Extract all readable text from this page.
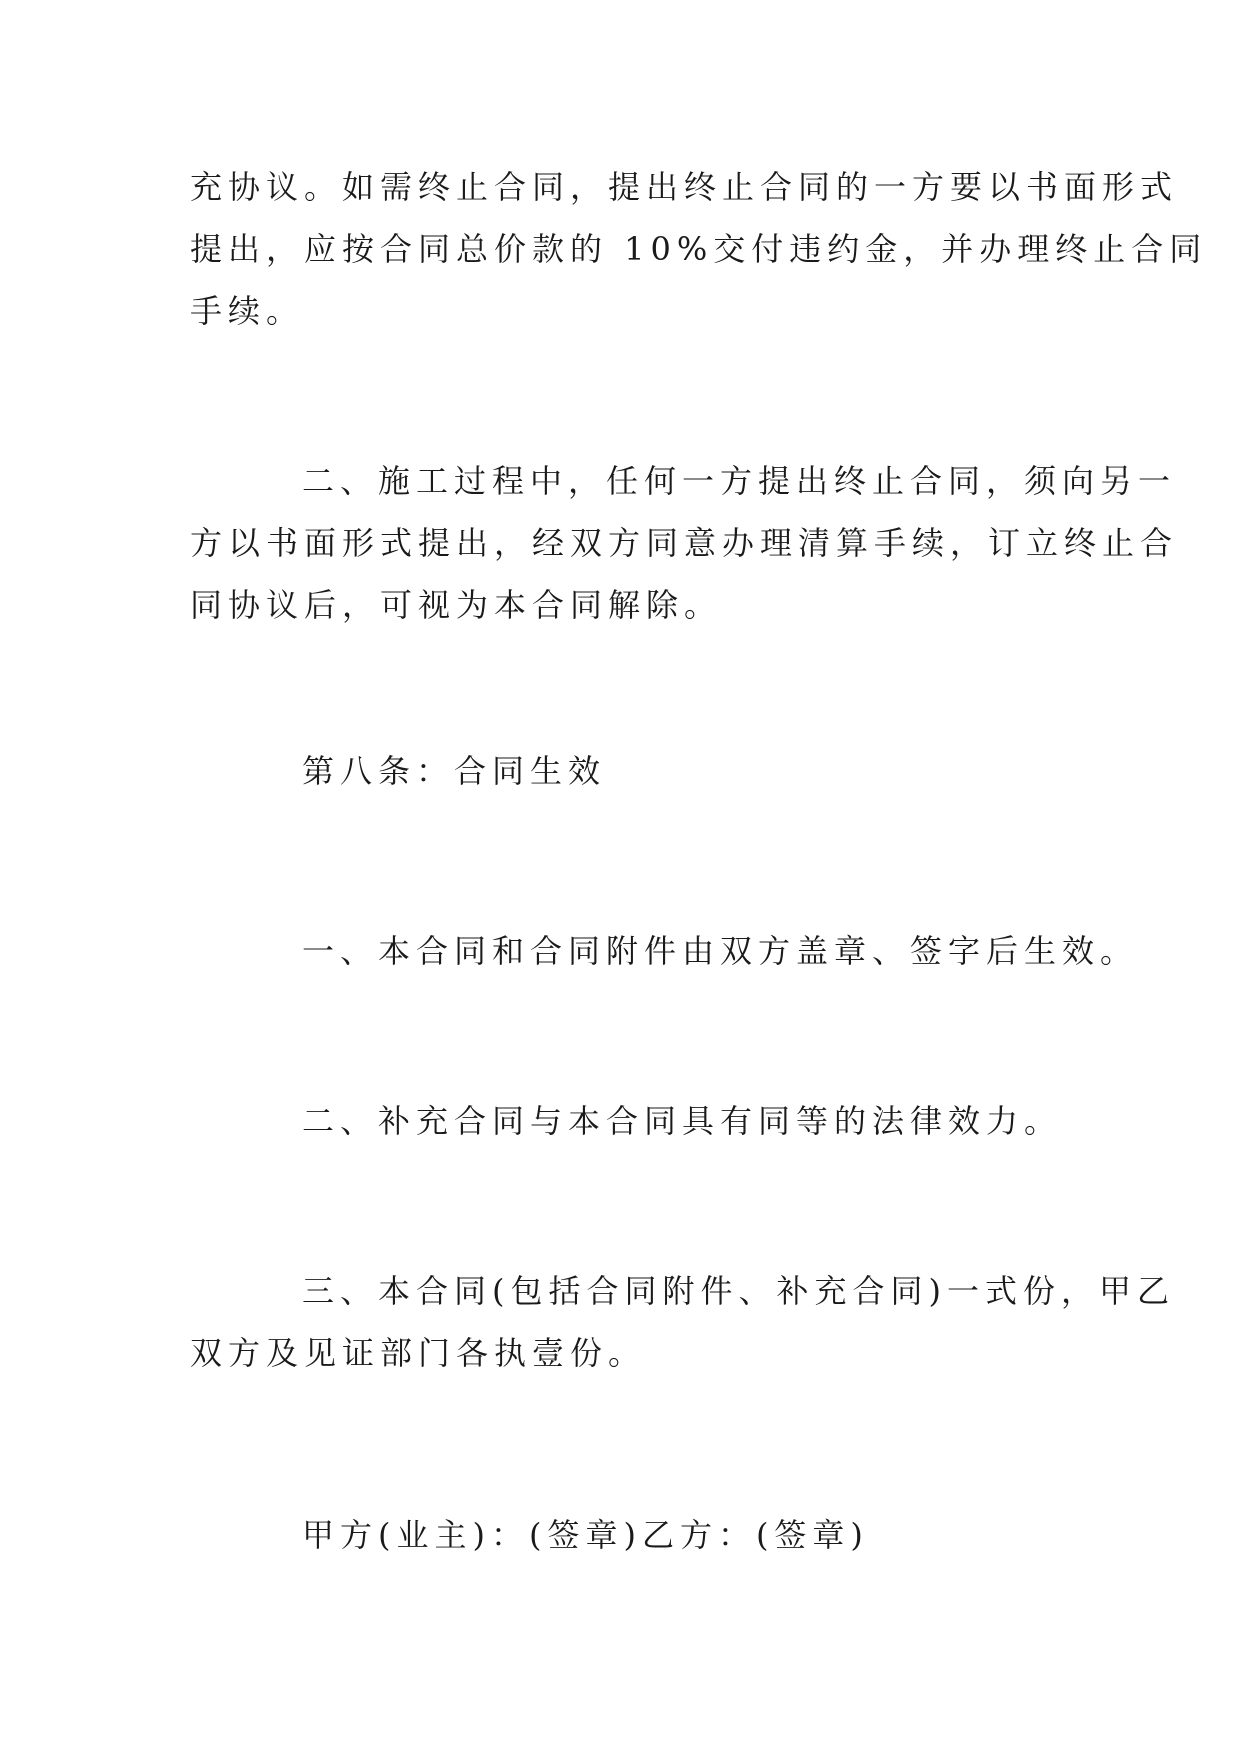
充协议。如需终止合同，提出终止合同的一方要以书面形式
提出，应按合同总价款的 10%交付违约金，并办理终止合同
手续。

二、施工过程中，任何一方提出终止合同，须向另一
方以书面形式提出，经双方同意办理清算手续，订立终止合
同协议后，可视为本合同解除。

第八条：合同生效

一、本合同和合同附件由双方盖章、签字后生效。

二、补充合同与本合同具有同等的法律效力。

三、本合同(包括合同附件、补充合同)一式份，甲乙
双方及见证部门各执壹份。

甲方(业主)：(签章)乙方：(签章)
